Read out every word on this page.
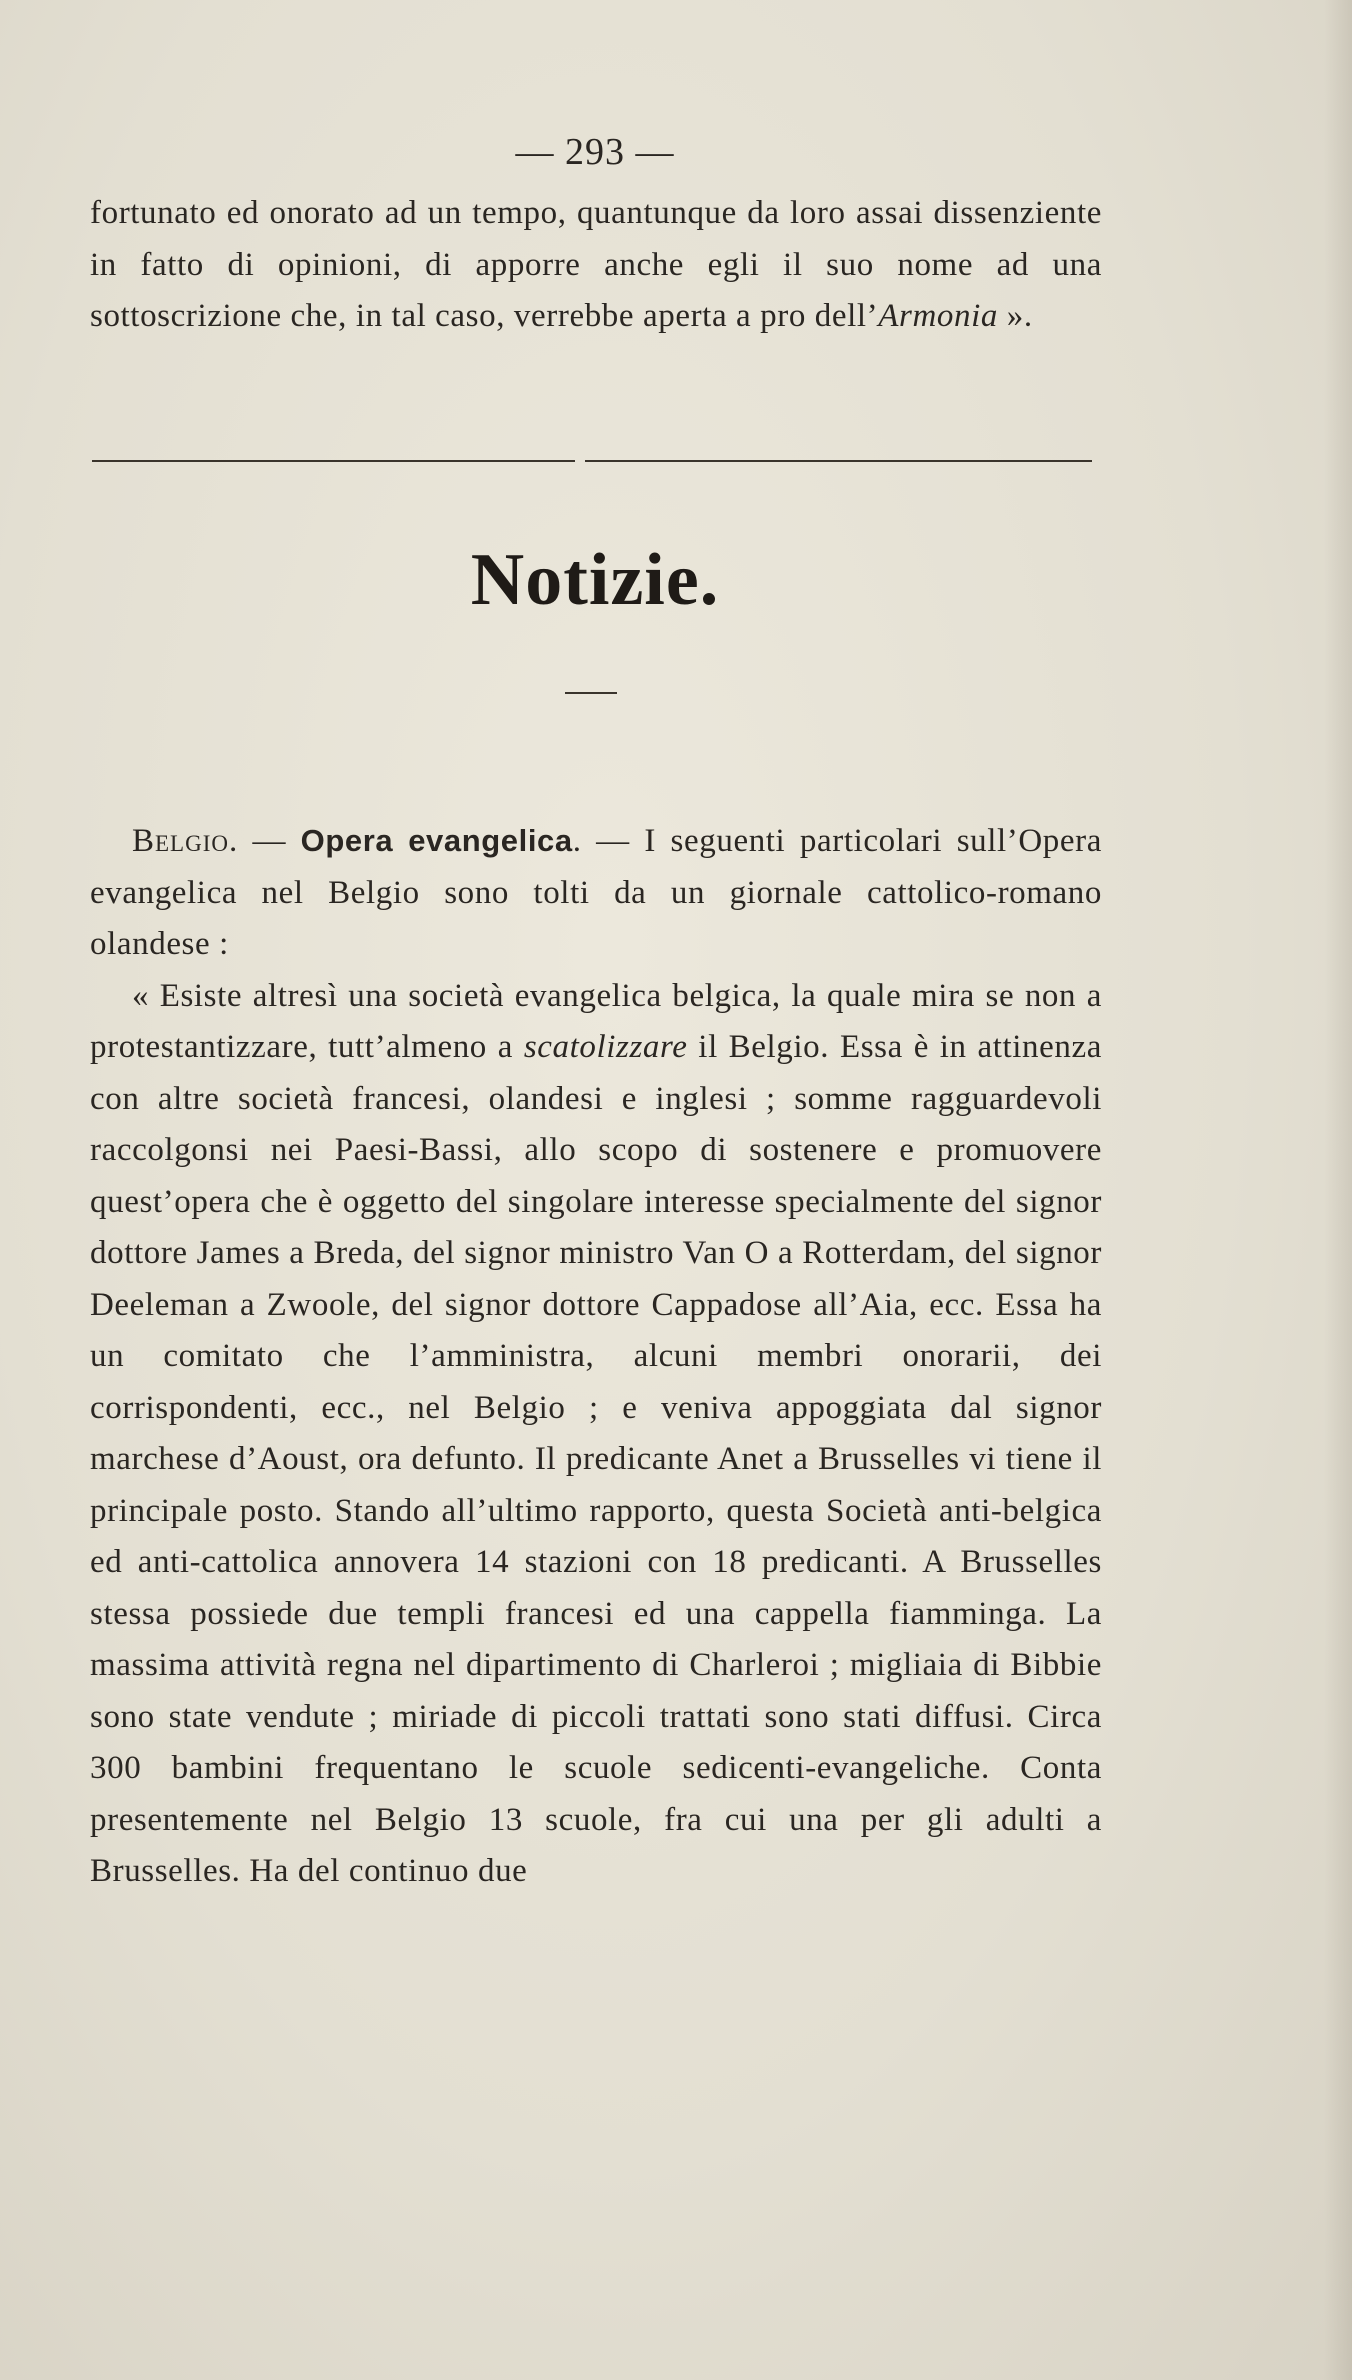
— 293 —

fortunato ed onorato ad un tempo, quantunque da loro assai dissenziente in fatto di opinioni, di apporre anche egli il suo nome ad una sottoscrizione che, in tal caso, verrebbe aperta a pro dell’Armonia ».

Notizie.

Belgio. — Opera evangelica. — I seguenti particolari sull’Opera evangelica nel Belgio sono tolti da un giornale cattolico-romano olandese :

« Esiste altresì una società evangelica belgica, la quale mira se non a protestantizzare, tutt’almeno a scatolizzare il Belgio. Essa è in attinenza con altre società francesi, olandesi e inglesi ; somme ragguardevoli raccolgonsi nei Paesi-Bassi, allo scopo di sostenere e promuovere quest’opera che è oggetto del singolare interesse specialmente del signor dottore James a Breda, del signor ministro Van O a Rotterdam, del signor Deeleman a Zwoole, del signor dottore Cappadose all’Aia, ecc. Essa ha un comitato che l’amministra, alcuni membri onorarii, dei corrispondenti, ecc., nel Belgio ; e veniva appoggiata dal signor marchese d’Aoust, ora defunto. Il predicante Anet a Brusselles vi tiene il principale posto. Stando all’ultimo rapporto, questa Società anti-belgica ed anti-cattolica annovera 14 stazioni con 18 predicanti. A Brusselles stessa possiede due templi francesi ed una cappella fiamminga. La massima attività regna nel dipartimento di Charleroi ; migliaia di Bibbie sono state vendute ; miriade di piccoli trattati sono stati diffusi. Circa 300 bambini frequentano le scuole sedicenti-evangeliche. Conta presentemente nel Belgio 13 scuole, fra cui una per gli adulti a Brusselles. Ha del continuo due
